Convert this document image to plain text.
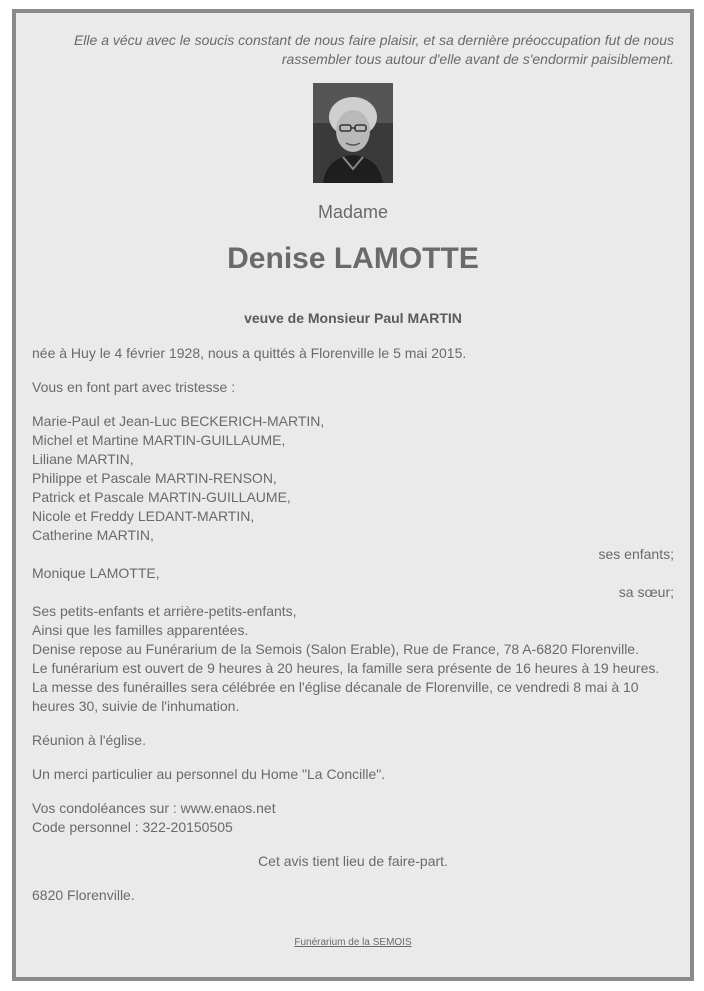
Elle a vécu avec le soucis constant de nous faire plaisir, et sa dernière préoccupation fut de nous rassembler tous autour d'elle avant de s'endormir paisiblement.
Madame
Denise LAMOTTE
veuve de Monsieur Paul MARTIN

née à Huy le 4 février 1928, nous a quittés à Florenville le 5 mai 2015.

Vous en font part avec tristesse :

Marie-Paul et Jean-Luc BECKERICH-MARTIN,
Michel et Martine MARTIN-GUILLAUME,
Liliane MARTIN,
Philippe et Pascale MARTIN-RENSON,
Patrick et Pascale MARTIN-GUILLAUME,
Nicole et Freddy LEDANT-MARTIN,
Catherine MARTIN,
ses enfants;
Monique LAMOTTE,
sa sœur;

Ses petits-enfants et arrière-petits-enfants,
Ainsi que les familles apparentées.
Denise repose au Funérarium de la Semois (Salon Erable), Rue de France, 78 A-6820 Florenville.
Le funérarium est ouvert de 9 heures à 20 heures, la famille sera présente de 16 heures à 19 heures.
La messe des funérailles sera célébrée en l'église décanale de Florenville, ce vendredi 8 mai à 10 heures 30, suivie de l'inhumation.

Réunion à l'église.

Un merci particulier au personnel du Home "La Concille".

Vos condoléances sur : www.enaos.net
Code personnel : 322-20150505

Cet avis tient lieu de faire-part.

6820 Florenville.

Funérarium de la SEMOIS
